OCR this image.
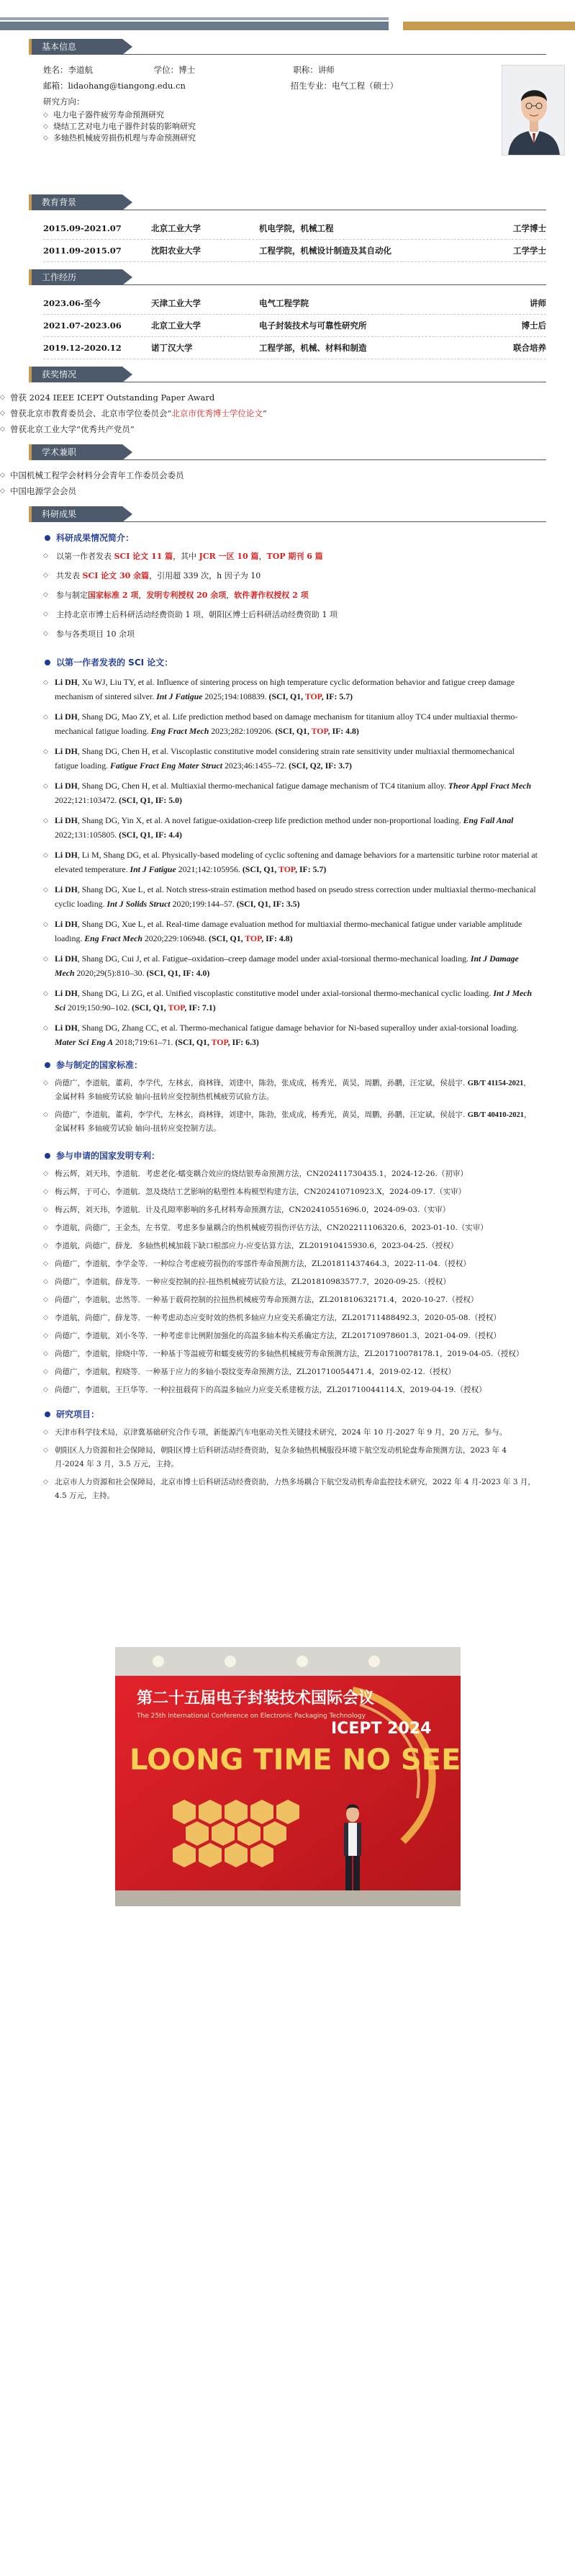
基本信息
姓名：李道航	学位：博士	职称：讲师
邮箱：lidaohang@tiangong.edu.cn	招生专业：电气工程（硕士）
研究方向：
◇ 电力电子器件疲劳寿命预测研究
◇ 烧结工艺对电力电子器件封装的影响研究
◇ 多轴热机械疲劳损伤机理与寿命预测研究
教育背景
2015.09-2021.07	北京工业大学	机电学院，机械工程	工学博士
2011.09-2015.07	沈阳农业大学	工程学院，机械设计制造及其自动化	工学学士
工作经历
2023.06-至今	天津工业大学	电气工程学院	讲师
2021.07-2023.06	北京工业大学	电子封装技术与可靠性研究所	博士后
2019.12-2020.12	诺丁汉大学	工程学部，机械、材料和制造	联合培养
获奖情况
◇ 曾获 2024 IEEE ICEPT Outstanding Paper Award
◇ 曾获北京市教育委员会、北京市学位委员会“北京市优秀博士学位论文”
◇ 曾获北京工业大学“优秀共产党员”
学术兼职
◇ 中国机械工程学会材料分会青年工作委员会委员
◇ 中国电源学会会员
科研成果
科研成果情况简介：
◇ 以第一作者发表 SCI 论文 11 篇，其中 JCR 一区 10 篇，TOP 期刊 6 篇
◇ 共发表 SCI 论文 30 余篇，引用超 339 次，h 因子为 10
◇ 参与制定国家标准 2 项，发明专利授权 20 余项，软件著作权授权 2 项
◇ 主持北京市博士后科研活动经费资助 1 项、朝阳区博士后科研活动经费资助 1 项
◇ 参与各类项目 10 余项
以第一作者发表的 SCI 论文：
◇ Li DH, Xu WJ, Liu TY, et al. Influence of sintering process on high temperature cyclic deformation behavior and fatigue creep damage mechanism of sintered silver. Int J Fatigue 2025;194:108839. (SCI, Q1, TOP, IF: 5.7)
◇ Li DH, Shang DG, Mao ZY, et al. Life prediction method based on damage mechanism for titanium alloy TC4 under multiaxial thermo-mechanical fatigue loading. Eng Fract Mech 2023;282:109206. (SCI, Q1, TOP, IF: 4.8)
◇ Li DH, Shang DG, Chen H, et al. Viscoplastic constitutive model considering strain rate sensitivity under multiaxial thermomechanical fatigue loading. Fatigue Fract Eng Mater Struct 2023;46:1455–72. (SCI, Q2, IF: 3.7)
◇ Li DH, Shang DG, Chen H, et al. Multiaxial thermo-mechanical fatigue damage mechanism of TC4 titanium alloy. Theor Appl Fract Mech 2022;121:103472. (SCI, Q1, IF: 5.0)
◇ Li DH, Shang DG, Yin X, et al. A novel fatigue-oxidation-creep life prediction method under non-proportional loading. Eng Fail Anal 2022;131:105805. (SCI, Q1, IF: 4.4)
◇ Li DH, Li M, Shang DG, et al. Physically-based modeling of cyclic softening and damage behaviors for a martensitic turbine rotor material at elevated temperature. Int J Fatigue 2021;142:105956. (SCI, Q1, TOP, IF: 5.7)
◇ Li DH, Shang DG, Xue L, et al. Notch stress-strain estimation method based on pseudo stress correction under multiaxial thermo-mechanical cyclic loading. Int J Solids Struct 2020;199:144–57. (SCI, Q1, IF: 3.5)
◇ Li DH, Shang DG, Xue L, et al. Real-time damage evaluation method for multiaxial thermo-mechanical fatigue under variable amplitude loading. Eng Fract Mech 2020;229:106948. (SCI, Q1, TOP, IF: 4.8)
◇ Li DH, Shang DG, Cui J, et al. Fatigue–oxidation–creep damage model under axial-torsional thermo-mechanical loading. Int J Damage Mech 2020;29(5):810–30. (SCI, Q1, IF: 4.0)
◇ Li DH, Shang DG, Li ZG, et al. Unified viscoplastic constitutive model under axial-torsional thermo-mechanical cyclic loading. Int J Mech Sci 2019;150:90–102. (SCI, Q1, TOP, IF: 7.1)
◇ Li DH, Shang DG, Zhang CC, et al. Thermo-mechanical fatigue damage behavior for Ni-based superalloy under axial-torsional loading. Mater Sci Eng A 2018;719:61–71. (SCI, Q1, TOP, IF: 6.3)
参与制定的国家标准：
◇ 尚德广，李道航，董莉，李学代，左林玄，商林锋，刘建中，陈勃，张成成，杨秀光，黄昊，周鹏，孙鹏，汪定斌，侯晨宇. GB/T 41154-2021，金属材料 多轴疲劳试验 轴向-扭转应变控制热机械疲劳试验方法。
◇ 尚德广，李道航，董莉，李学代，左林玄，商林锋，刘建中，陈勃，张成成，杨秀光，黄昊，周鹏，孙鹏，汪定斌，侯晨宇. GB/T 40410-2021，金属材料 多轴疲劳试验 轴向-扭转应变控制方法。
参与申请的国家发明专利：
◇ 梅云辉，刘天玮，李道航．考虑老化-蠕变耦合效应的烧结银寿命预测方法，CN202411730435.1，2024-12-26.（初审）
◇ 梅云辉，于可心，李道航．忽及烧结工艺影响的粘塑性本构模型构建方法，CN202410710923.X，2024-09-17.（实审）
◇ 梅云辉，刘天玮，李道航．计及孔隙率影响的多孔材料寿命预测方法，CN202410551696.0，2024-09-03.（实审）
◇ 李道航，尚德广，王金杰，左书堂．考虑多参量耦合的热机械疲劳损伤评估方法，CN202211106320.6，2023-01-10.（实审）
◇ 李道航，尚德广，薛龙．多轴热机械加载下缺口根部应力-应变估算方法，ZL201910415930.6，2023-04-25.（授权）
◇ 尚德广，李道航，李学金等．一种综合考虑疲劳损伤的零部件寿命预测方法，ZL201811437464.3，2022-11-04.（授权）
◇ 尚德广，李道航，薛龙等．一种应变控制的拉-扭热机械疲劳试验方法，ZL201810983577.7，2020-09-25.（授权）
◇ 尚德广，李道航，忠然等．一种基于载荷控制的拉扭热机械疲劳寿命预测方法，ZL201810632171.4，2020-10-27.（授权）
◇ 李道航，尚德广，薛龙等．一种考虑动态应变时效的热机多轴应力应变关系确定方法，ZL201711488492.3，2020-05-08.（授权）
◇ 尚德广，李道航，刘小冬等．一种考虑非比例附加强化的高温多轴本构关系确定方法，ZL201710978601.3，2021-04-09.（授权）
◇ 尚德广，李道航，徐晓中等．一种基于等温疲劳和蠕变疲劳的多轴热机械疲劳寿命预测方法，ZL201710078178.1，2019-04-05.（授权）
◇ 尚德广，李道航，程晓等．一种基于应力的多轴小裂纹变寿命预测方法，ZL201710054471.4，2019-02-12.（授权）
◇ 尚德广，李道航，王巨华等．一种拉扭载荷下的高温多轴应力应变关系建模方法，ZL201710044114.X，2019-04-19.（授权）
研究项目：
◇ 天津市科学技术局，京津冀基础研究合作专项，新能源汽车电驱动关性关键技术研究，2024 年 10 月-2027 年 9 月，20 万元，参与。
◇ 朝阳区人力资源和社会保障局，朝阳区博士后科研活动经费资助，复杂多轴热机械服役环境下航空发动机轮盘寿命预测方法，2023 年 4 月-2024 年 3 月，3.5 万元，主持。
◇ 北京市人力资源和社会保障局，北京市博士后科研活动经费资助，力热多场耦合下航空发动机寿命监控技术研究，2022 年 4 月-2023 年 3 月，4.5 万元，主持。
第二十五届电子封装技术国际会议
The 25th International Conference on Electronic Packaging Technology
ICEPT 2024
LOONG TIME NO SEE
